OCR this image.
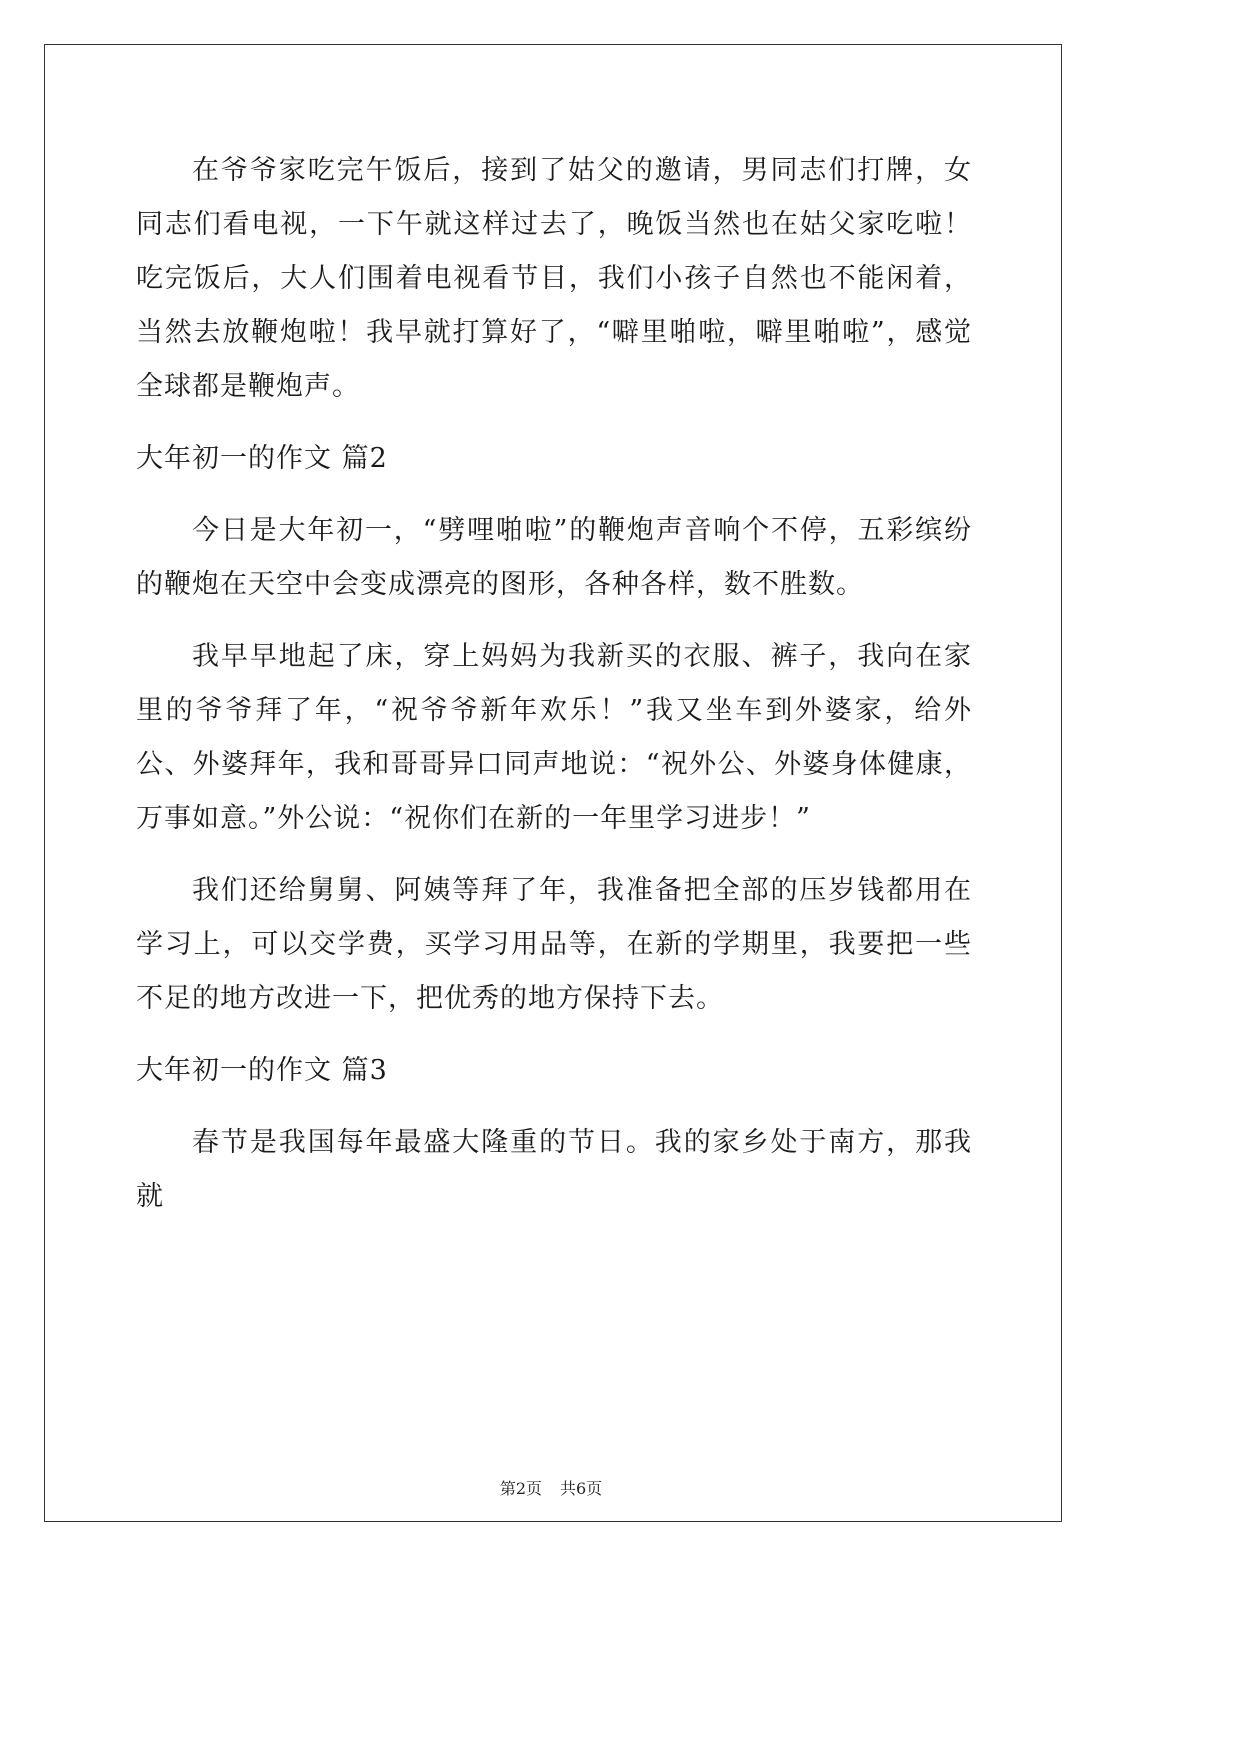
在爷爷家吃完午饭后，接到了姑父的邀请，男同志们打牌，女同志们看电视，一下午就这样过去了，晚饭当然也在姑父家吃啦！吃完饭后，大人们围着电视看节目，我们小孩子自然也不能闲着，当然去放鞭炮啦！我早就打算好了，“噼里啪啦，噼里啪啦”，感觉全球都是鞭炮声。

大年初一的作文 篇2

今日是大年初一，“劈哩啪啦”的鞭炮声音响个不停，五彩缤纷的鞭炮在天空中会变成漂亮的图形，各种各样，数不胜数。

我早早地起了床，穿上妈妈为我新买的衣服、裤子，我向在家里的爷爷拜了年，“祝爷爷新年欢乐！”我又坐车到外婆家，给外公、外婆拜年，我和哥哥异口同声地说：“祝外公、外婆身体健康，万事如意。”外公说：“祝你们在新的一年里学习进步！”

我们还给舅舅、阿姨等拜了年，我准备把全部的压岁钱都用在学习上，可以交学费，买学习用品等，在新的学期里，我要把一些不足的地方改进一下，把优秀的地方保持下去。

大年初一的作文 篇3

春节是我国每年最盛大隆重的节日。我的家乡处于南方，那我就

第2页 共6页
